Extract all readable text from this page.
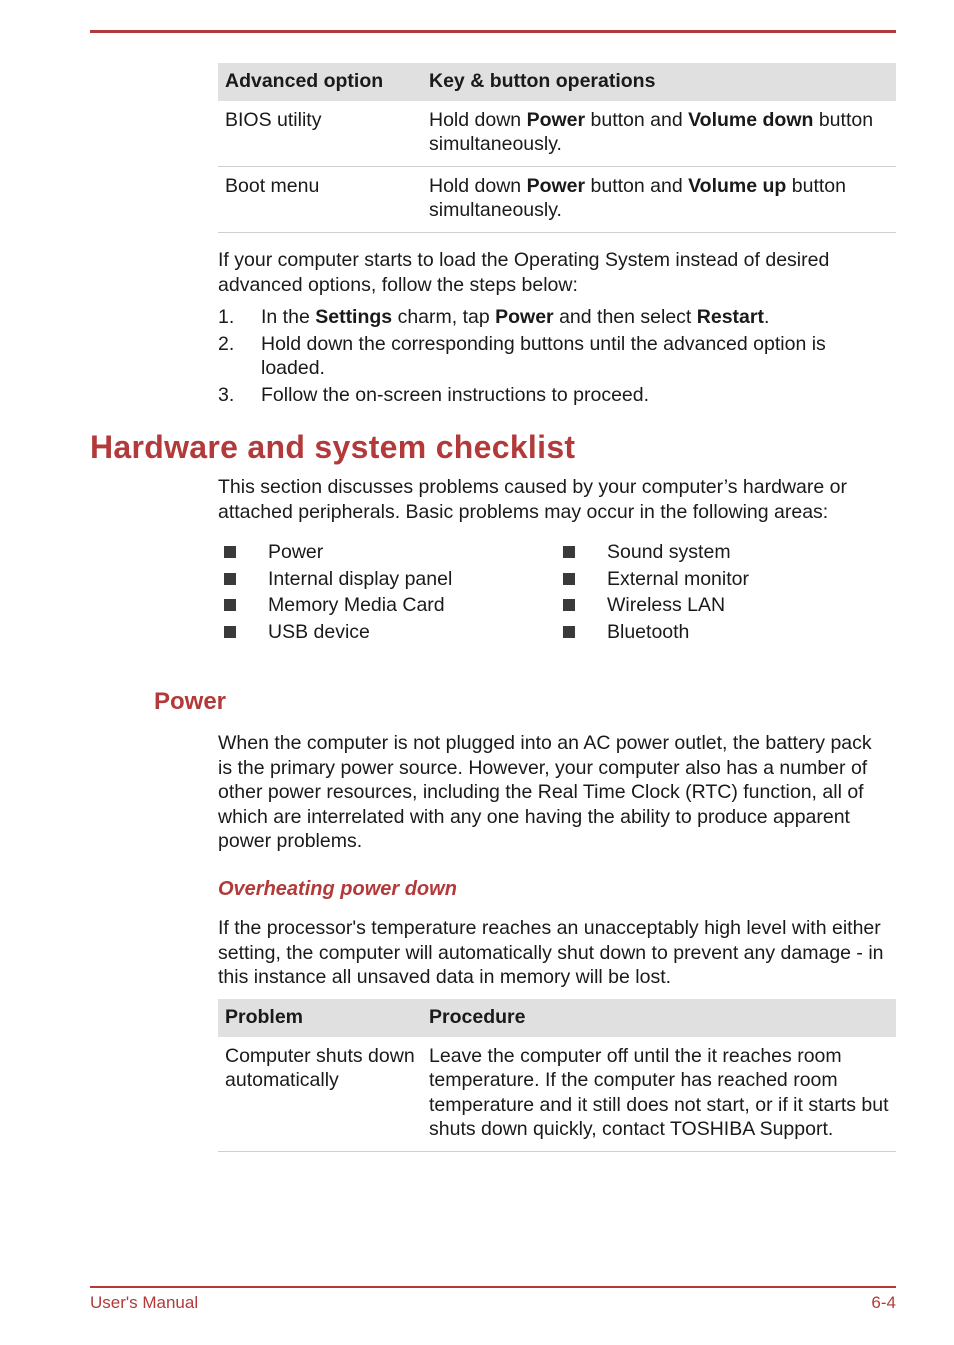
Advanced option	Key & button operations
BIOS utility	Hold down Power button and Volume down button simultaneously.
Boot menu	Hold down Power button and Volume up button simultaneously.

If your computer starts to load the Operating System instead of desired advanced options, follow the steps below:

1. In the Settings charm, tap Power and then select Restart.
2. Hold down the corresponding buttons until the advanced option is loaded.
3. Follow the on-screen instructions to proceed.
Hardware and system checklist

This section discusses problems caused by your computer’s hardware or attached peripherals. Basic problems may occur in the following areas:

Power
Internal display panel
Memory Media Card
USB device
Sound system
External monitor
Wireless LAN
Bluetooth
Power

When the computer is not plugged into an AC power outlet, the battery pack is the primary power source. However, your computer also has a number of other power resources, including the Real Time Clock (RTC) function, all of which are interrelated with any one having the ability to produce apparent power problems.

Overheating power down

If the processor's temperature reaches an unacceptably high level with either setting, the computer will automatically shut down to prevent any damage - in this instance all unsaved data in memory will be lost.

Problem	Procedure
Computer shuts down automatically	Leave the computer off until the it reaches room temperature. If the computer has reached room temperature and it still does not start, or if it starts but shuts down quickly, contact TOSHIBA Support.
User's Manual	6-4
